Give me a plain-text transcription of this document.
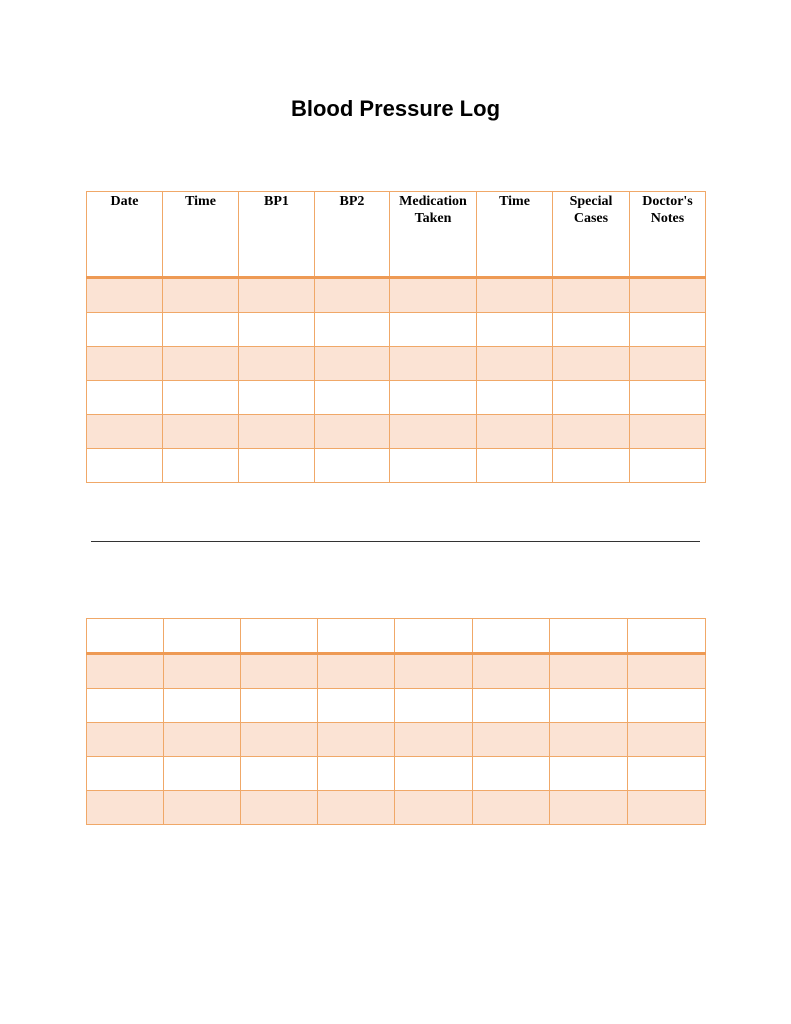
Blood Pressure Log
Date	Time	BP1	BP2	Medication Taken	Time	Special Cases	Doctor's Notes
